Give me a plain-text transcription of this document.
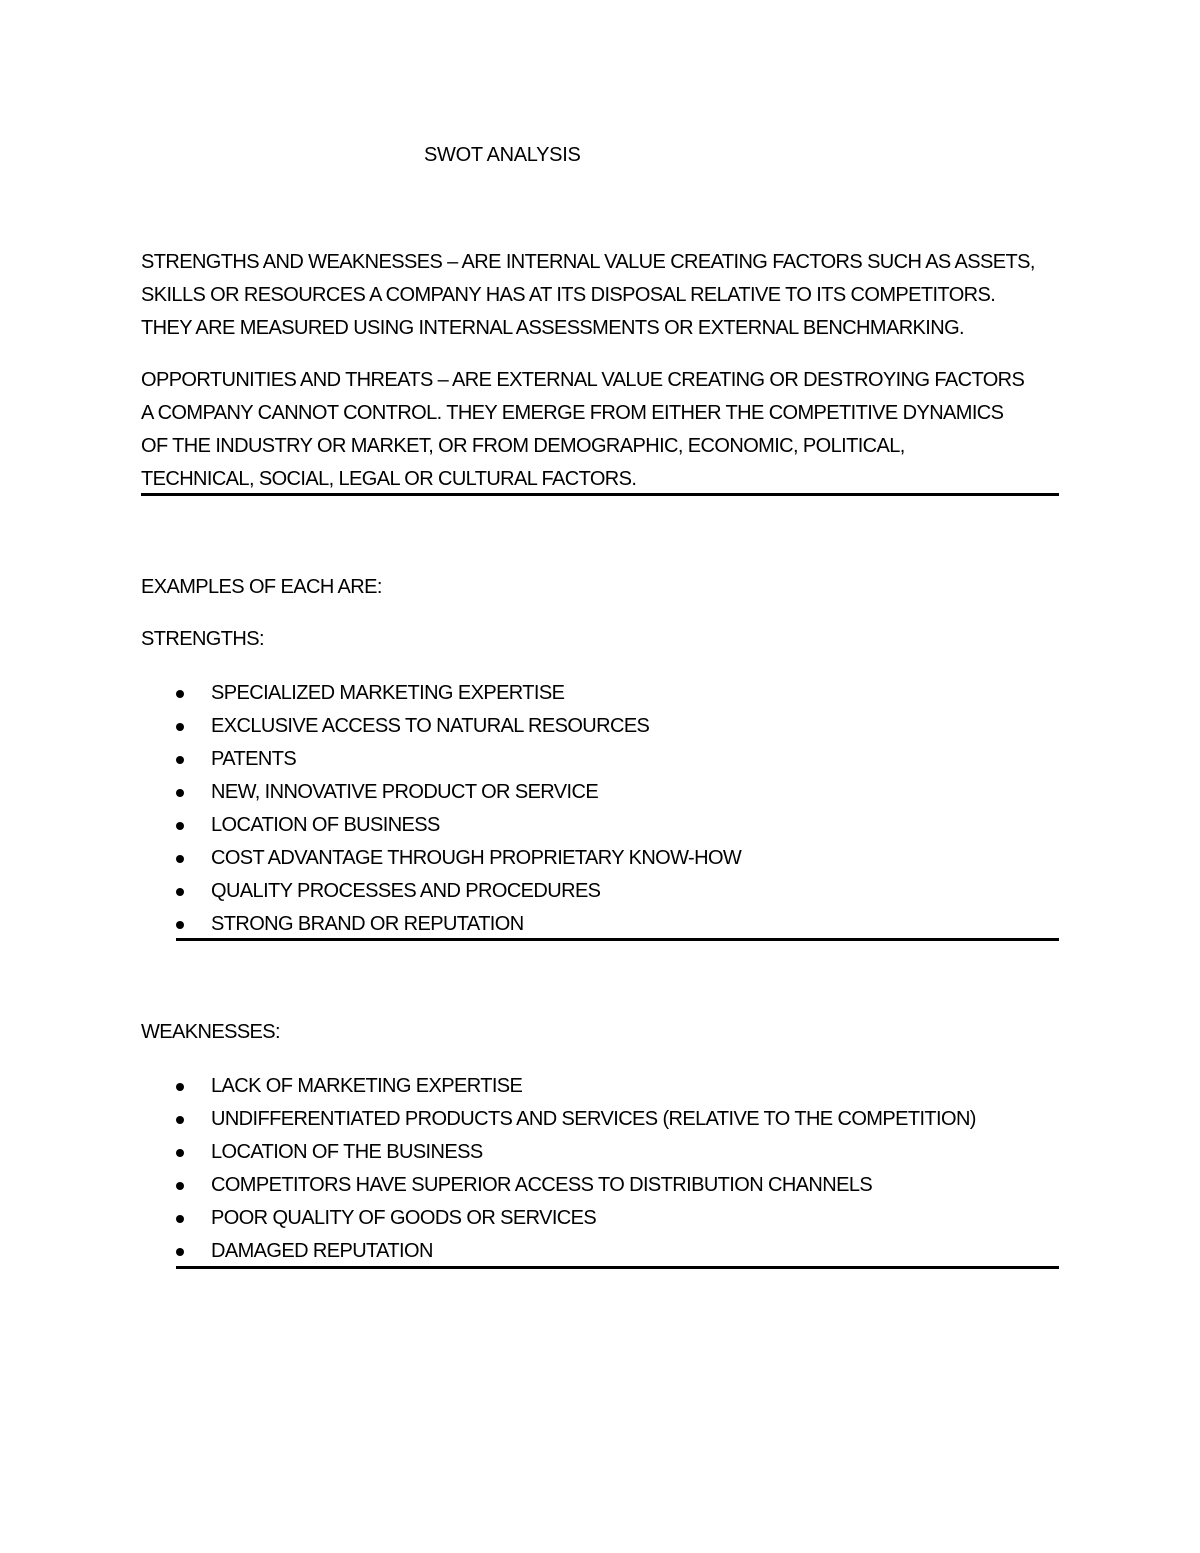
SWOT ANALYSIS

STRENGTHS AND WEAKNESSES – ARE INTERNAL VALUE CREATING FACTORS SUCH AS ASSETS,
SKILLS OR RESOURCES A COMPANY HAS AT ITS DISPOSAL RELATIVE TO ITS COMPETITORS.
THEY ARE MEASURED USING INTERNAL ASSESSMENTS OR EXTERNAL BENCHMARKING.

OPPORTUNITIES AND THREATS – ARE EXTERNAL VALUE CREATING OR DESTROYING FACTORS
A COMPANY CANNOT CONTROL. THEY EMERGE FROM EITHER THE COMPETITIVE DYNAMICS
OF THE INDUSTRY OR MARKET, OR FROM DEMOGRAPHIC, ECONOMIC, POLITICAL,
TECHNICAL, SOCIAL, LEGAL OR CULTURAL FACTORS.

EXAMPLES OF EACH ARE:
STRENGTHS:
SPECIALIZED MARKETING EXPERTISE
EXCLUSIVE ACCESS TO NATURAL RESOURCES
PATENTS
NEW, INNOVATIVE PRODUCT OR SERVICE
LOCATION OF BUSINESS
COST ADVANTAGE THROUGH PROPRIETARY KNOW-HOW
QUALITY PROCESSES AND PROCEDURES
STRONG BRAND OR REPUTATION
WEAKNESSES:
LACK OF MARKETING EXPERTISE
UNDIFFERENTIATED PRODUCTS AND SERVICES (RELATIVE TO THE COMPETITION)
LOCATION OF THE BUSINESS
COMPETITORS HAVE SUPERIOR ACCESS TO DISTRIBUTION CHANNELS
POOR QUALITY OF GOODS OR SERVICES
DAMAGED REPUTATION
